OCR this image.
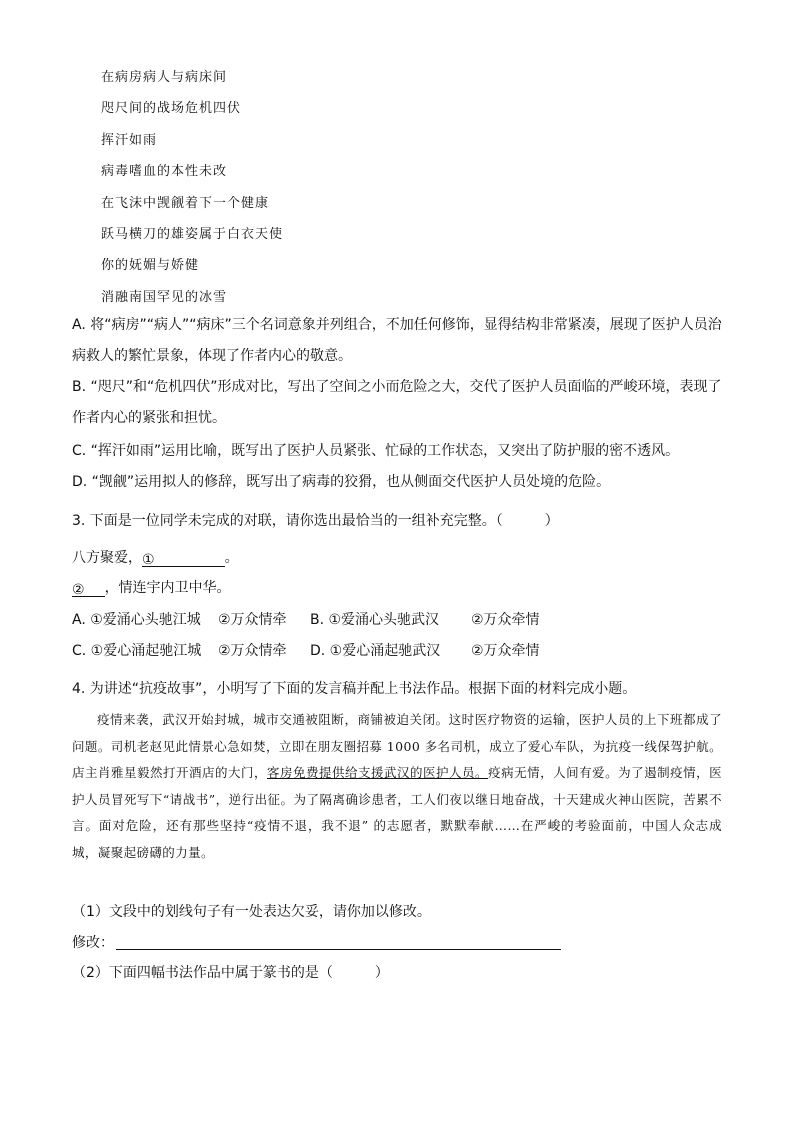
在病房病人与病床间
咫尺间的战场危机四伏
挥汗如雨
病毒嗜血的本性未改
在飞沫中觊觎着下一个健康
跃马横刀的雄姿属于白衣天使
你的妩媚与娇健
消融南国罕见的冰雪
A. 将“病房”“病人”“病床”三个名词意象并列组合，不加任何修饰，显得结构非常紧凑，展现了医护人员治病救人的繁忙景象，体现了作者内心的敬意。
B. “咫尺”和“危机四伏”形成对比，写出了空间之小而危险之大，交代了医护人员面临的严峻环境，表现了作者内心的紧张和担忧。
C. “挥汗如雨”运用比喻，既写出了医护人员紧张、忙碌的工作状态，又突出了防护服的密不透风。
D. “觊觎”运用拟人的修辞，既写出了病毒的狡猾，也从侧面交代医护人员处境的危险。
3. 下面是一位同学未完成的对联，请你选出最恰当的一组补充完整。（　　　）
八方聚爱，①	。
② ，情连宇内卫中华。
A. ①爱涌心头驰江城 ②万众情牵 B. ①爱涌心头驰武汉 ②万众牵情
C. ①爱心涌起驰江城 ②万众情牵 D. ①爱心涌起驰武汉 ②万众牵情
4. 为讲述“抗疫故事”，小明写了下面的发言稿并配上书法作品。根据下面的材料完成小题。
疫情来袭，武汉开始封城，城市交通被阻断，商铺被迫关闭。这时医疗物资的运输，医护人员的上下班都成了问题。司机老赵见此情景心急如焚，立即在朋友圈招募 1000 多名司机，成立了爱心车队，为抗疫一线保驾护航。店主肖雅星毅然打开酒店的大门，客房免费提供给支援武汉的医护人员。疫病无情，人间有爱。为了遏制疫情，医护人员冒死写下“请战书”，逆行出征。为了隔离确诊患者，工人们夜以继日地奋战，十天建成火神山医院，苦累不言。面对危险，还有那些坚持“疫情不退，我不退” 的志愿者，默默奉献……在严峻的考验面前，中国人众志成城，凝聚起磅礴的力量。
（1）文段中的划线句子有一处表达欠妥，请你加以修改。
修改：
（2）下面四幅书法作品中属于篆书的是（　　　）
